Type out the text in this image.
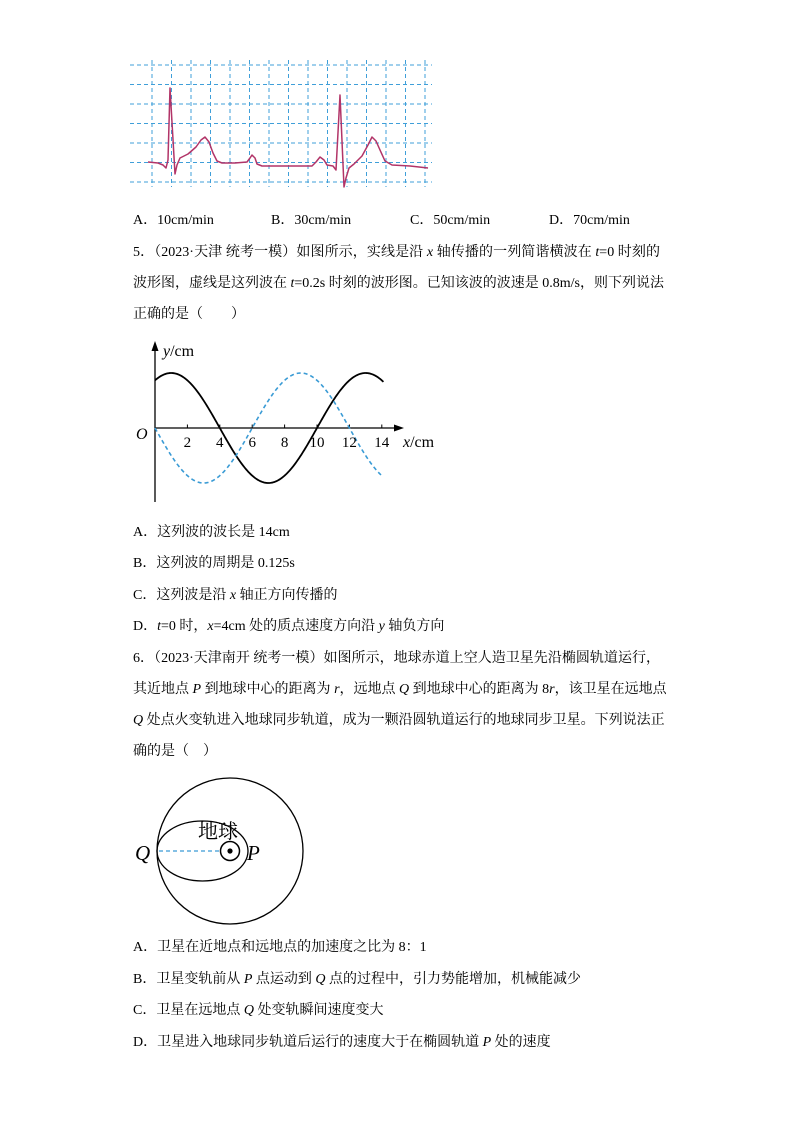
A．10cm/min	B．30cm/min	C．50cm/min	D．70cm/min
5．（2023·天津 统考一模）如图所示，实线是沿 x 轴传播的一列简谐横波在 t=0 时刻的
波形图，虚线是这列波在 t=0.2s 时刻的波形图。已知该波的波速是 0.8m/s，则下列说法
正确的是（　　）
y/cm
x/cm
O 2 4 6 8 10 12 14
A．这列波的波长是 14cm
B．这列波的周期是 0.125s
C．这列波是沿 x 轴正方向传播的
D．t=0 时，x=4cm 处的质点速度方向沿 y 轴负方向
6．（2023·天津南开 统考一模）如图所示，地球赤道上空人造卫星先沿椭圆轨道运行，
其近地点 P 到地球中心的距离为 r，远地点 Q 到地球中心的距离为 8r，该卫星在远地点
Q 处点火变轨进入地球同步轨道，成为一颗沿圆轨道运行的地球同步卫星。下列说法正
确的是（　）
地球
Q	P
A．卫星在近地点和远地点的加速度之比为 8：1
B．卫星变轨前从 P 点运动到 Q 点的过程中，引力势能增加，机械能减少
C．卫星在远地点 Q 处变轨瞬间速度变大
D．卫星进入地球同步轨道后运行的速度大于在椭圆轨道 P 处的速度
